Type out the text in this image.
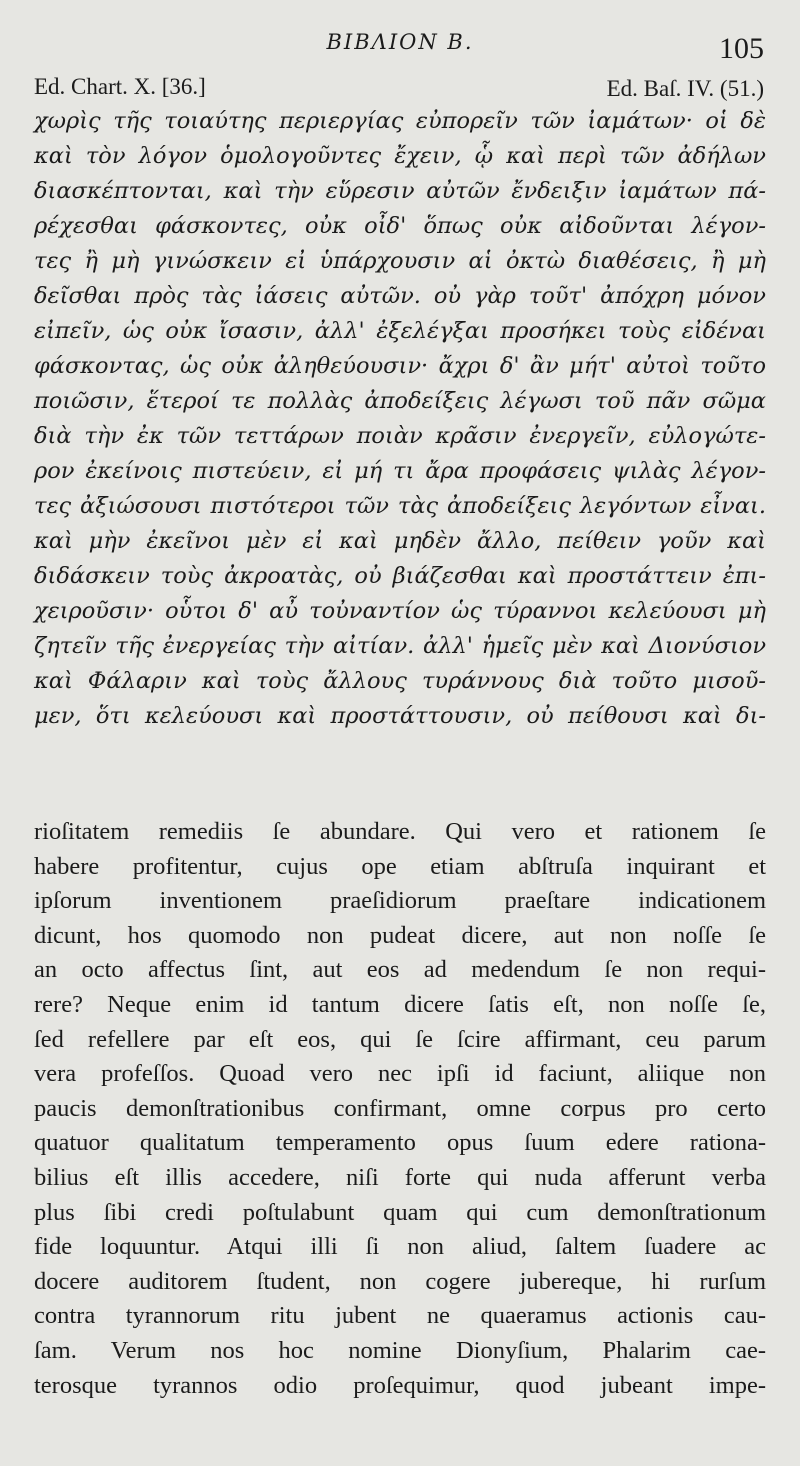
ΒΙΒΛΙΟΝ Β.	105
Ed. Chart. X. [36.]	Ed. Baſ. IV. (51.)
χωρὶς τῆς τοιαύτης περιεργίας εὐπορεῖν τῶν ἰαμάτων· οἱ δὲ
καὶ τὸν λόγον ὁμολογοῦντες ἔχειν, ᾧ καὶ περὶ τῶν ἀδήλων
διασκέπτονται, καὶ τὴν εὕρεσιν αὐτῶν ἔνδειξιν ἰαμάτων πά-
ρέχεσθαι φάσκοντες, οὐκ οἶδ' ὅπως οὐκ αἰδοῦνται λέγον-
τες ἢ μὴ γινώσκειν εἰ ὑπάρχουσιν αἱ ὀκτὼ διαθέσεις, ἢ μὴ
δεῖσθαι πρὸς τὰς ἰάσεις αὐτῶν. οὐ γὰρ τοῦτ' ἀπόχρη μόνον
εἰπεῖν, ὡς οὐκ ἴσασιν, ἀλλ' ἐξελέγξαι προσήκει τοὺς εἰδέναι
φάσκοντας, ὡς οὐκ ἀληθεύουσιν· ἄχρι δ' ἂν μήτ' αὐτοὶ τοῦτο
ποιῶσιν, ἕτεροί τε πολλὰς ἀποδείξεις λέγωσι τοῦ πᾶν σῶμα
διὰ τὴν ἐκ τῶν τεττάρων ποιὰν κρᾶσιν ἐνεργεῖν, εὐλογώτε-
ρον ἐκείνοις πιστεύειν, εἰ μή τι ἄρα προφάσεις ψιλὰς λέγον-
τες ἀξιώσουσι πιστότεροι τῶν τὰς ἀποδείξεις λεγόντων εἶναι.
καὶ μὴν ἐκεῖνοι μὲν εἰ καὶ μηδὲν ἄλλο, πείθειν γοῦν καὶ
διδάσκειν τοὺς ἀκροατὰς, οὐ βιάζεσθαι καὶ προστάττειν ἐπι-
χειροῦσιν· οὗτοι δ' αὖ τοὐναντίον ὡς τύραννοι κελεύουσι μὴ
ζητεῖν τῆς ἐνεργείας τὴν αἰτίαν. ἀλλ' ἡμεῖς μὲν καὶ Διονύσιον
καὶ Φάλαριν καὶ τοὺς ἄλλους τυράννους διὰ τοῦτο μισοῦ-
μεν, ὅτι κελεύουσι καὶ προστάττουσιν, οὐ πείθουσι καὶ δι-
rioſitatem remediis ſe abundare. Qui vero et rationem ſe
habere profitentur, cujus ope etiam abſtruſa inquirant et
ipſorum inventionem praeſidiorum praeſtare indicationem
dicunt, hos quomodo non pudeat dicere, aut non noſſe ſe
an octo affectus ſint, aut eos ad medendum ſe non requi-
rere? Neque enim id tantum dicere ſatis eſt, non noſſe ſe,
ſed refellere par eſt eos, qui ſe ſcire affirmant, ceu parum
vera profeſſos. Quoad vero nec ipſi id faciunt, aliique non
paucis demonſtrationibus confirmant, omne corpus pro certo
quatuor qualitatum temperamento opus ſuum edere rationa-
bilius eſt illis accedere, niſi forte qui nuda afferunt verba
plus ſibi credi poſtulabunt quam qui cum demonſtrationum
fide loquuntur. Atqui illi ſi non aliud, ſaltem ſuadere ac
docere auditorem ſtudent, non cogere jubereque, hi rurſum
contra tyrannorum ritu jubent ne quaeramus actionis cau-
ſam. Verum nos hoc nomine Dionyſium, Phalarim cae-
terosque tyrannos odio proſequimur, quod jubeant impe-
